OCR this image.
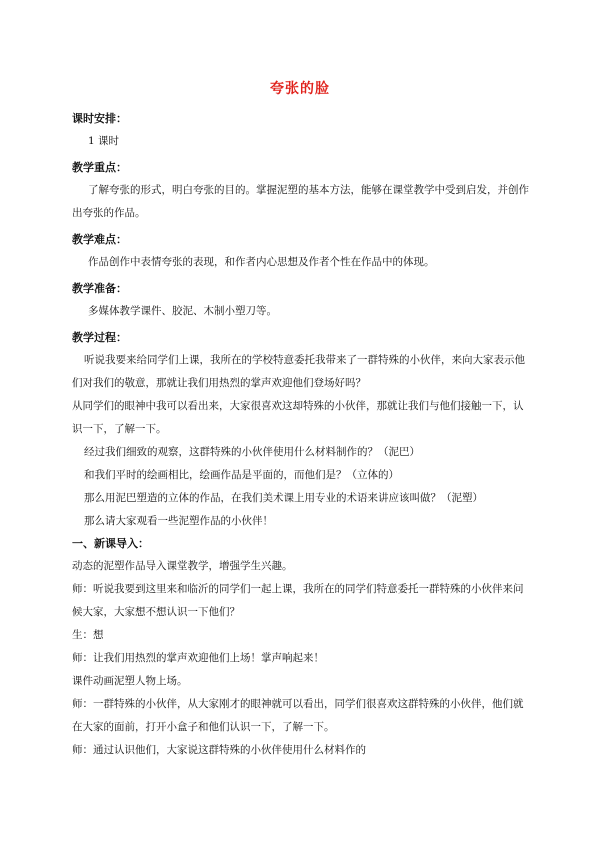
夸张的脸
课时安排：
1 课时
教学重点：
了解夸张的形式，明白夸张的目的。掌握泥塑的基本方法，能够在课堂教学中受到启发，并创作出夸张的作品。
教学难点：
作品创作中表情夸张的表现，和作者内心思想及作者个性在作品中的体现。
教学准备：
多媒体教学课件、胶泥、木制小塑刀等。
教学过程：
听说我要来给同学们上课，我所在的学校特意委托我带来了一群特殊的小伙伴，来向大家表示他们对我们的敬意，那就让我们用热烈的掌声欢迎他们登场好吗？
从同学们的眼神中我可以看出来，大家很喜欢这却特殊的小伙伴，那就让我们与他们接触一下，认识一下，了解一下。
经过我们细致的观察，这群特殊的小伙伴使用什么材料制作的？（泥巴）
和我们平时的绘画相比，绘画作品是平面的，而他们是？（立体的）
那么用泥巴塑造的立体的作品，在我们美术课上用专业的术语来讲应该叫做？（泥塑）
那么请大家观看一些泥塑作品的小伙伴！
一、新课导入：
动态的泥塑作品导入课堂教学，增强学生兴趣。
师：听说我要到这里来和临沂的同学们一起上课，我所在的同学们特意委托一群特殊的小伙伴来问候大家，大家想不想认识一下他们？
生：想
师：让我们用热烈的掌声欢迎他们上场！掌声响起来！
课件动画泥塑人物上场。
师：一群特殊的小伙伴，从大家刚才的眼神就可以看出，同学们很喜欢这群特殊的小伙伴，他们就在大家的面前，打开小盒子和他们认识一下，了解一下。
师：通过认识他们，大家说这群特殊的小伙伴使用什么材料作的
